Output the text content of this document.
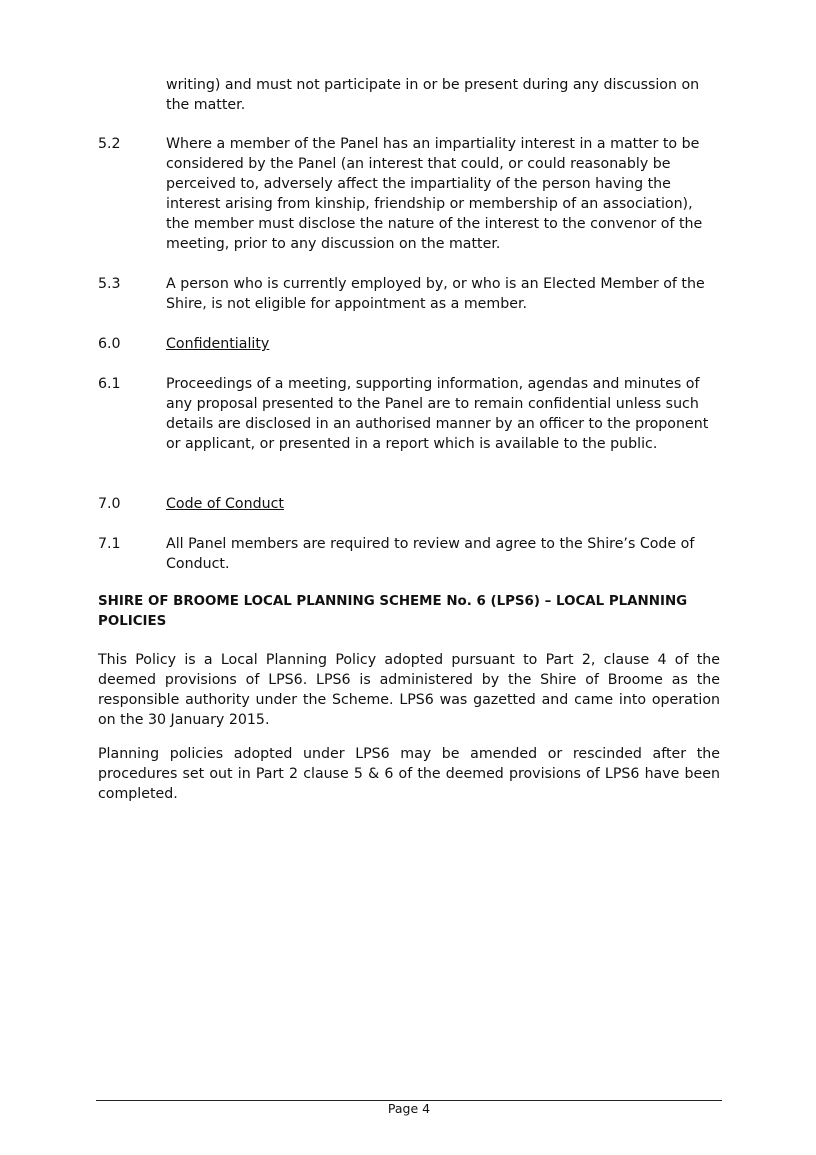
writing) and must not participate in or be present during any discussion on the matter.
5.2	Where a member of the Panel has an impartiality interest in a matter to be considered by the Panel (an interest that could, or could reasonably be perceived to, adversely affect the impartiality of the person having the interest arising from kinship, friendship or membership of an association), the member must disclose the nature of the interest to the convenor of the meeting, prior to any discussion on the matter.
5.3	A person who is currently employed by, or who is an Elected Member of the Shire, is not eligible for appointment as a member.
6.0	Confidentiality
6.1	Proceedings of a meeting, supporting information, agendas and minutes of any proposal presented to the Panel are to remain confidential unless such details are disclosed in an authorised manner by an officer to the proponent or applicant, or presented in a report which is available to the public.
7.0	Code of Conduct
7.1	All Panel members are required to review and agree to the Shire’s Code of Conduct.
SHIRE OF BROOME LOCAL PLANNING SCHEME No. 6 (LPS6) – LOCAL PLANNING POLICIES
This Policy is a Local Planning Policy adopted pursuant to Part 2, clause 4 of the deemed provisions of LPS6. LPS6 is administered by the Shire of Broome as the responsible authority under the Scheme. LPS6 was gazetted and came into operation on the 30 January 2015.
Planning policies adopted under LPS6 may be amended or rescinded after the procedures set out in Part 2 clause 5 & 6 of the deemed provisions of LPS6 have been completed.
Page 4
